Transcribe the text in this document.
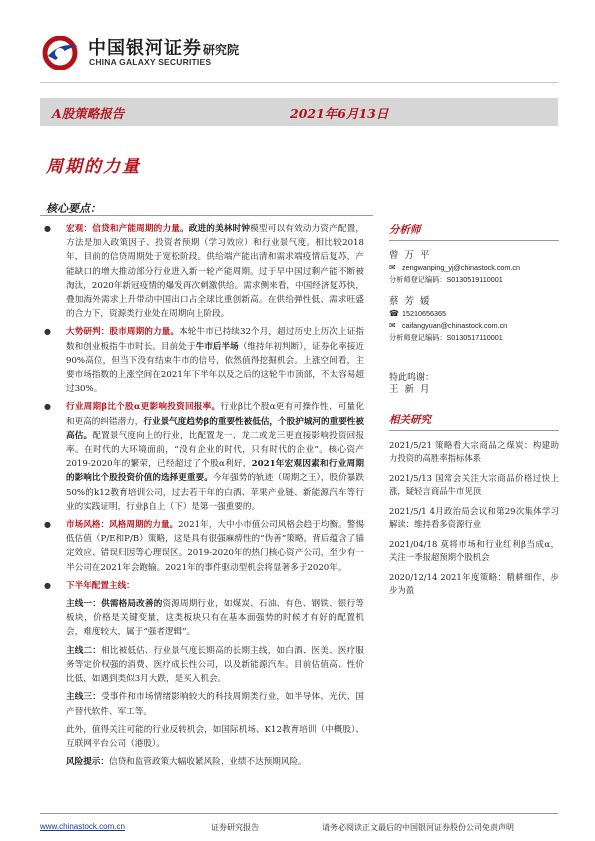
中国银河证券
CHINA GALAXY SECURITIES
研究院
A股策略报告	2021年6月13日
周期的力量
核心要点：
●	宏观：信贷和产能周期的力量。政进的美林时钟模型可以有效动力资产配置，方法是加入政策因子、投资者预期（学习效应）和行业景气度。相比较2018年，目前的信贷周期处于宽松阶段。供给端产能出清和需求端疫情后复苏，产能缺口的增大推动部分行业进入新一轮产能周期。过于早中国过剩产能不断被淘汰，2020年新冠疫情的爆发再次刺激供给。需求侧来看，中国经济复苏快，叠加海外需求上升带动中国出口占全球比重创新高。在供给弹性低、需求旺盛的合力下，资源类行业处在周期向上阶段。

●	大势研判：股市周期的力量。本轮牛市已持续32个月，超过历史上历次上证指数和创业板指牛市时长。目前处于牛市后半场（维持年初判断），证券化率接近90%高位，但当下没有结束牛市的信号，依然值得挖掘机会。上涨空间看，主要市场指数的上涨空间在2021年下半年以及之后的这轮牛市顶部，不太容易超过30%。

●	行业周期β比个股α更影响投资回报率。行业β比个股α更有可操作性、可量化和更高的纠错潜力，行业景气度趋势β的重要性被低估，个股护城河的重要性被高估。配置景气度向上的行业，比配置龙一、龙二或龙三更直接影响投资回报率。在时代的大环境面前，“没有企业的时代，只有时代的企业”。核心资产2019-2020年的繁荣，已经超过了个股α利好，2021年宏观因素和行业周期的影响比个股投资价值的选择更重要。今年强势的轨迹（周期之王），股价暴跌50%的k12教育培训公司，过去若干年的白酒、苹果产业链、新能源汽车等行业的实践证明，行业β自上（下）是第一强重要的。

●	市场风格：风格周期的力量。2021年，大中小市值公司风格会趋于均衡。警惕低估值（P/E和P/B）策略，这是具有很强麻痹性的“伪善”策略，背后蕴含了锚定效应、错误归因等心理误区。2019-2020年的热门核心资产公司，至少有一半公司在2021年会跑输。2021年的事件驱动型机会将显著多于2020年。

●	下半年配置主线：

主线一：供需格局改善的资源周期行业，如煤炭、石油、有色、钢铁、银行等板块，价格是关键变量，这类板块只有在基本面强势的时候才有好的配置机会，难度较大，属于“强者逻辑”。

主线二：相比被低估、行业景气度长期高的长期主线，如白酒、医美、医疗服务等定价权强的消费、医疗成长性公司，以及新能源汽车。目前估值高、性价比低，如遇到类似3月大跌，是买入机会。

主线三：受事件和市场情绪影响较大的科技周期类行业，如半导体、光伏、国产替代软件、军工等。

此外，值得关注可能的行业反转机会，如国际机场、K12教育培训（中概股）、互联网平台公司（港股）。

风险提示：信贷和监管政策大幅收紧风险、业绩不达预期风险。

分析师
曾万平
✉ zengwanping_yj@chinastock.com.cn
分析师登记编码： S0130519110001
蔡芳媛
☎ 15210656365
✉ caifangyuan@chinastock.com.cn
分析师登记编码： S0130517110001
特此鸣谢：
王新月
相关研究
2021/5/21 策略看大宗商品之煤炭：构建助力投资的高胜率指标体系
2021/5/13 国常会关注大宗商品价格过快上涨，疑轻言商品牛市见顶
2021/5/1 4月政治局会议和第29次集体学习解读：维持看多资源行业
2021/04/18 莫将市场和行业红利β当成α，关注一季报超预期个股机会
2020/12/14 2021年度策略：精耕细作，步步为盈
www.chinastock.com.cn	证券研究报告	请务必阅读正文最后的中国银河证券股份公司免责声明
